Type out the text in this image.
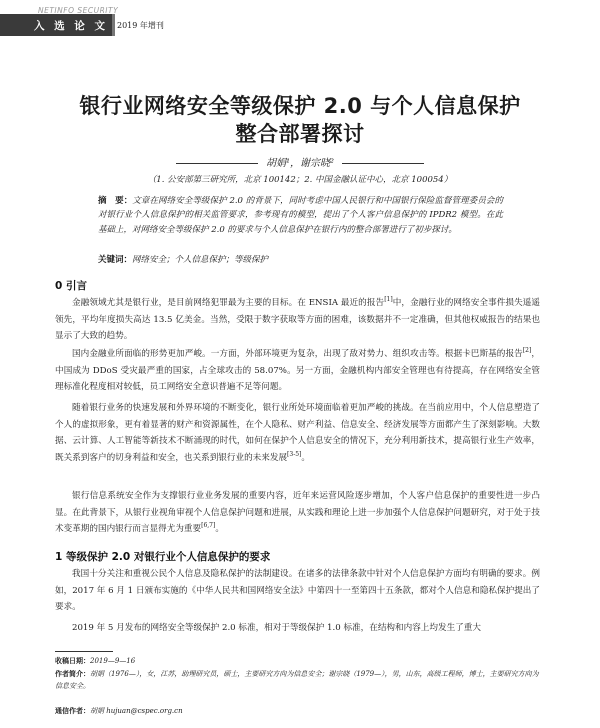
NETINFO SECURITY
入 选 论 文 2019 年增刊
银行业网络安全等级保护 2.0 与个人信息保护
整合部署探讨
胡娟¹，谢宗晓²
（1. 公安部第三研究所，北京 100142；2. 中国金融认证中心，北京 100054）
摘　要：文章在网络安全等级保护 2.0 的背景下，同时考虑中国人民银行和中国银行保险监督管理委员会的对银行业个人信息保护的相关监管要求，参考现有的模型，提出了个人客户信息保护的 IPDR2 模型。在此基础上，对网络安全等级保护 2.0 的要求与个人信息保护在银行内的整合部署进行了初步探讨。
关键词：网络安全；个人信息保护；等级保护
0 引言
金融领域尤其是银行业，是目前网络犯罪最为主要的目标。在 ENSIA 最近的报告[1]中，金融行业的网络安全事件损失遥遥领先，平均年度损失高达 13.5 亿美金。当然，受限于数字获取等方面的困难，该数据并不一定准确，但其他权威报告的结果也显示了大致的趋势。
国内金融业所面临的形势更加严峻。一方面，外部环境更为复杂，出现了敌对势力、组织攻击等。根据卡巴斯基的报告[2]，中国成为 DDoS 受灾最严重的国家，占全球攻击的 58.07%。另一方面，金融机构内部安全管理也有待提高，存在网络安全管理标准化程度相对较低，员工网络安全意识普遍不足等问题。
随着银行业务的快速发展和外界环境的不断变化，银行业所处环境面临着更加严峻的挑战。在当前应用中，个人信息塑造了个人的虚拟形象，更有着显著的财产和资源属性，在个人隐私、财产利益、信息安全、经济发展等方面都产生了深刻影响。大数据、云计算、人工智能等新技术不断涌现的时代，如何在保护个人信息安全的情况下，充分利用新技术，提高银行业生产效率，既关系到客户的切身利益和安全，也关系到银行业的未来发展[3-5]。
银行信息系统安全作为支撑银行业业务发展的重要内容，近年来运营风险逐步增加，个人客户信息保护的重要性进一步凸显。在此背景下，从银行业视角审视个人信息保护问题和进展，从实践和理论上进一步加强个人信息保护问题研究，对于处于技术变革期的国内银行而言显得尤为重要[6,7]。
1 等级保护 2.0 对银行业个人信息保护的要求
我国十分关注和重视公民个人信息及隐私保护的法制建设。在诸多的法律条款中针对个人信息保护方面均有明确的要求。例如，2017 年 6 月 1 日颁布实施的《中华人民共和国网络安全法》中第四十一至第四十五条款，都对个人信息和隐私保护提出了要求。
2019 年 5 月发布的网络安全等级保护 2.0 标准，相对于等级保护 1.0 标准，在结构和内容上均发生了重大
收稿日期：2019—9—16
作者简介：胡娟（1976—），女，江苏，助理研究员，硕士，主要研究方向为信息安全；谢宗晓（1979—），男，山东，高级工程师，博士，主要研究方向为信息安全。
通信作者：胡娟 hujuan@cspec.org.cn
